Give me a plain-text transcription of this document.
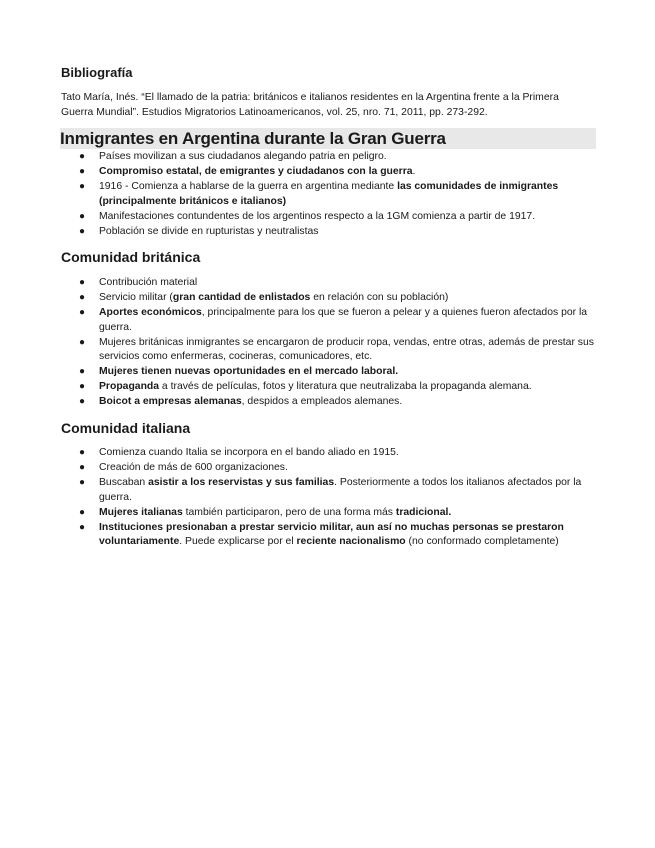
Bibliografía

Tato María, Inés. “El llamado de la patria: británicos e italianos residentes en la Argentina frente a la Primera Guerra Mundial”. Estudios Migratorios Latinoamericanos, vol. 25, nro. 71, 2011, pp. 273-292.

Inmigrantes en Argentina durante la Gran Guerra
● Países movilizan a sus ciudadanos alegando patria en peligro.
● Compromiso estatal, de emigrantes y ciudadanos con la guerra.
● 1916 - Comienza a hablarse de la guerra en argentina mediante las comunidades de inmigrantes (principalmente británicos e italianos)
● Manifestaciones contundentes de los argentinos respecto a la 1GM comienza a partir de 1917.
● Población se divide en rupturistas y neutralistas
Comunidad británica
● Contribución material
● Servicio militar (gran cantidad de enlistados en relación con su población)
● Aportes económicos, principalmente para los que se fueron a pelear y a quienes fueron afectados por la guerra.
● Mujeres británicas inmigrantes se encargaron de producir ropa, vendas, entre otras, además de prestar sus servicios como enfermeras, cocineras, comunicadores, etc.
● Mujeres tienen nuevas oportunidades en el mercado laboral.
● Propaganda a través de películas, fotos y literatura que neutralizaba la propaganda alemana.
● Boicot a empresas alemanas, despidos a empleados alemanes.
Comunidad italiana
● Comienza cuando Italia se incorpora en el bando aliado en 1915.
● Creación de más de 600 organizaciones.
● Buscaban asistir a los reservistas y sus familias. Posteriormente a todos los italianos afectados por la guerra.
● Mujeres italianas también participaron, pero de una forma más tradicional.
● Instituciones presionaban a prestar servicio militar, aun así no muchas personas se prestaron voluntariamente. Puede explicarse por el reciente nacionalismo (no conformado completamente)
